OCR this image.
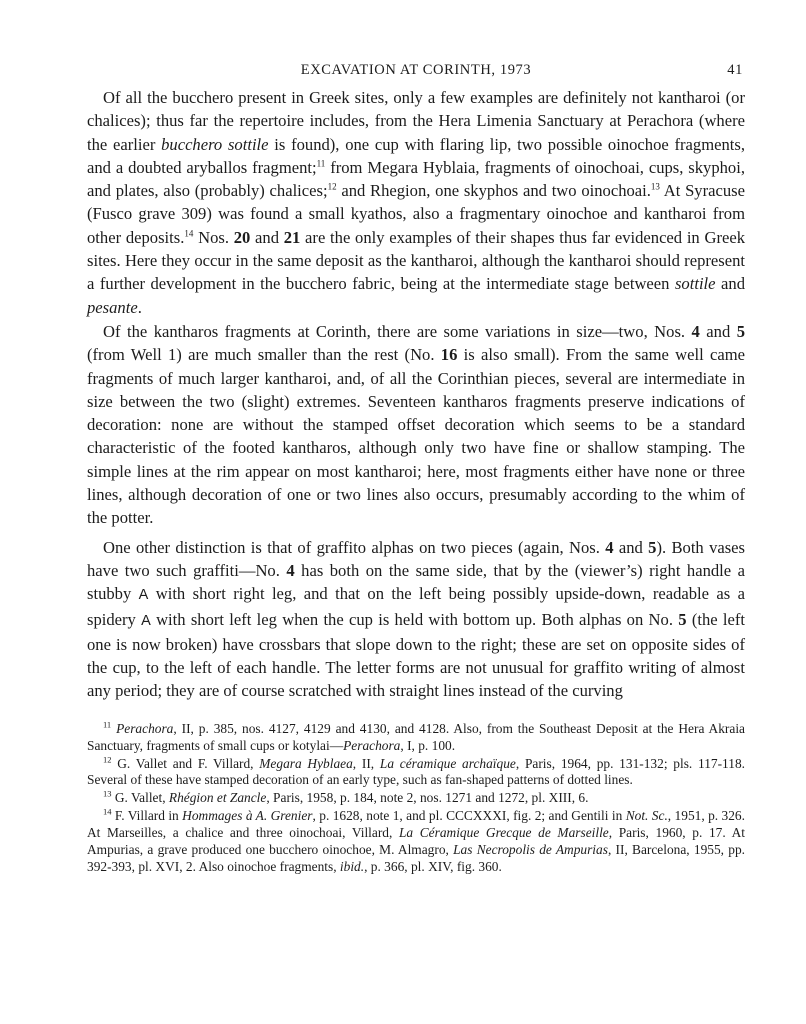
EXCAVATION AT CORINTH, 1973	41

Of all the bucchero present in Greek sites, only a few examples are definitely not kantharoi (or chalices); thus far the repertoire includes, from the Hera Limenia Sanctuary at Perachora (where the earlier bucchero sottile is found), one cup with flaring lip, two possible oinochoe fragments, and a doubted aryballos fragment;$^{11}$ from Megara Hyblaia, fragments of oinochoai, cups, skyphoi, and plates, also (probably) chalices;$^{12}$ and Rhegion, one skyphos and two oinochoai.$^{13}$ At Syracuse (Fusco grave 309) was found a small kyathos, also a fragmentary oinochoe and kantharoi from other deposits.$^{14}$ Nos. 20 and 21 are the only examples of their shapes thus far evidenced in Greek sites. Here they occur in the same deposit as the kantharoi, although the kantharoi should represent a further development in the bucchero fabric, being at the intermediate stage between sottile and pesante.

Of the kantharos fragments at Corinth, there are some variations in size—two, Nos. 4 and 5 (from Well 1) are much smaller than the rest (No. 16 is also small). From the same well came fragments of much larger kantharoi, and, of all the Corinthian pieces, several are intermediate in size between the two (slight) extremes. Seventeen kantharos fragments preserve indications of decoration: none are without the stamped offset decoration which seems to be a standard characteristic of the footed kantharos, although only two have fine or shallow stamping. The simple lines at the rim appear on most kantharoi; here, most fragments either have none or three lines, although decoration of one or two lines also occurs, presumably according to the whim of the potter.

One other distinction is that of graffito alphas on two pieces (again, Nos. 4 and 5). Both vases have two such graffiti—No. 4 has both on the same side, that by the (viewer’s) right handle a stubby A with short right leg, and that on the left being possibly upside-down, readable as a spidery A with short left leg when the cup is held with bottom up. Both alphas on No. 5 (the left one is now broken) have crossbars that slope down to the right; these are set on opposite sides of the cup, to the left of each handle. The letter forms are not unusual for graffito writing of almost any period; they are of course scratched with straight lines instead of the curving

$^{11}$ Perachora, II, p. 385, nos. 4127, 4129 and 4130, and 4128. Also, from the Southeast Deposit at the Hera Akraia Sanctuary, fragments of small cups or kotylai—Perachora, I, p. 100.

$^{12}$ G. Vallet and F. Villard, Megara Hyblaea, II, La céramique archaïque, Paris, 1964, pp. 131-132; pls. 117-118. Several of these have stamped decoration of an early type, such as fan-shaped patterns of dotted lines.

$^{13}$ G. Vallet, Rhégion et Zancle, Paris, 1958, p. 184, note 2, nos. 1271 and 1272, pl. XIII, 6.

$^{14}$ F. Villard in Hommages à A. Grenier, p. 1628, note 1, and pl. CCCXXXI, fig. 2; and Gentili in Not. Sc., 1951, p. 326. At Marseilles, a chalice and three oinochoai, Villard, La Céramique Grecque de Marseille, Paris, 1960, p. 17. At Ampurias, a grave produced one bucchero oinochoe, M. Almagro, Las Necropolis de Ampurias, II, Barcelona, 1955, pp. 392-393, pl. XVI, 2. Also oinochoe fragments, ibid., p. 366, pl. XIV, fig. 360.
